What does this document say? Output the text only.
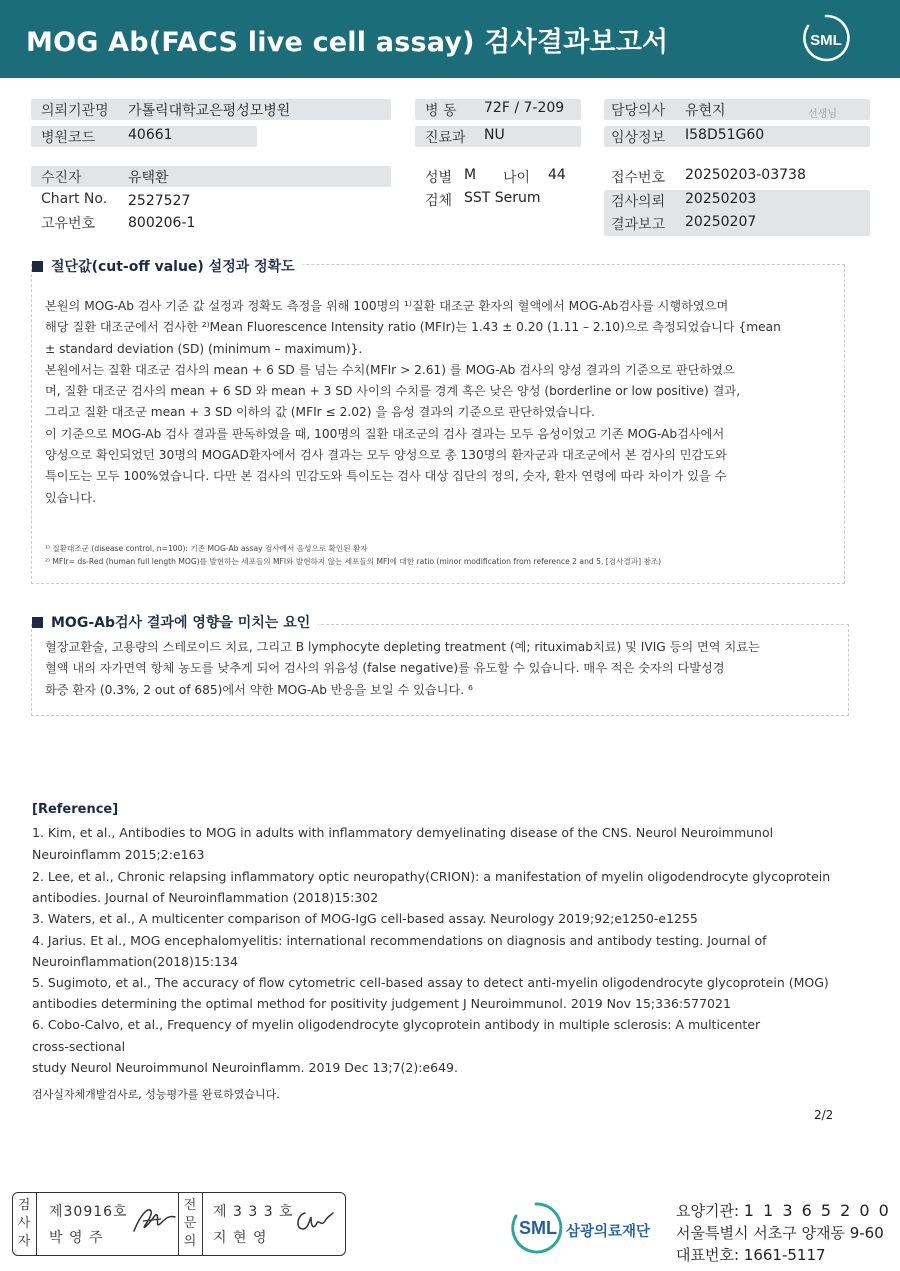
MOG Ab(FACS live cell assay) 검사결과보고서	SML
의뢰기관명 가톨릭대학교은평성모병원
병원코드 40661
수진자	유택환
Chart No. 2527527
고유번호 800206-1
병 동 72F / 7-209
진료과 NU
성별 M 나이 44
검체 SST Serum
담당의사 유현지	선생님
임상정보 I58D51G60
접수번호 20250203-03738
검사의뢰 20250203
결과보고 20250207
절단값(cut-off value) 설정과 정확도
본원의 MOG-Ab 검사 기준 값 설정과 정확도 측정을 위해 100명의 ¹⁾질환 대조군 환자의 혈액에서 MOG-Ab검사를 시행하였으며
해당 질환 대조군에서 검사한 ²⁾Mean Fluorescence Intensity ratio (MFIr)는 1.43 ± 0.20 (1.11 – 2.10)으로 측정되었습니다 {mean
± standard deviation (SD) (minimum – maximum)}.
본원에서는 질환 대조군 검사의 mean + 6 SD 를 넘는 수치(MFIr > 2.61) 를 MOG-Ab 검사의 양성 결과의 기준으로 판단하였으
며, 질환 대조군 검사의 mean + 6 SD 와 mean + 3 SD 사이의 수치를 경계 혹은 낮은 양성 (borderline or low positive) 결과,
그리고 질환 대조군 mean + 3 SD 이하의 값 (MFIr ≤ 2.02) 을 음성 결과의 기준으로 판단하였습니다.
이 기준으로 MOG-Ab 검사 결과를 판독하였을 때, 100명의 질환 대조군의 검사 결과는 모두 음성이었고 기존 MOG-Ab검사에서
양성으로 확인되었던 30명의 MOGAD환자에서 검사 결과는 모두 양성으로 총 130명의 환자군과 대조군에서 본 검사의 민감도와
특이도는 모두 100%였습니다. 다만 본 검사의 민감도와 특이도는 검사 대상 집단의 정의, 숫자, 환자 연령에 따라 차이가 있을 수
있습니다.
¹⁾ 질환대조군 (disease control, n=100): 기존 MOG-Ab assay 검사에서 음성으로 확인된 환자
²⁾ MFIr= ds-Red (human full length MOG)를 발현하는 세포들의 MFI와 발현하지 않는 세포들의 MFI에 대한 ratio (minor modification from reference 2 and 5, [검사결과] 참조)
MOG-Ab검사 결과에 영향을 미치는 요인
혈장교환술, 고용량의 스테로이드 치료, 그리고 B lymphocyte depleting treatment (예; rituximab치료) 및 IVIG 등의 면역 치료는
혈액 내의 자가면역 항체 농도를 낮추게 되어 검사의 위음성 (false negative)를 유도할 수 있습니다. 매우 적은 숫자의 다발성경
화증 환자 (0.3%, 2 out of 685)에서 약한 MOG-Ab 반응을 보일 수 있습니다. ⁶
[Reference]
1. Kim, et al., Antibodies to MOG in adults with inflammatory demyelinating disease of the CNS. Neurol Neuroimmunol
Neuroinflamm 2015;2:e163
2. Lee, et al., Chronic relapsing inflammatory optic neuropathy(CRION): a manifestation of myelin oligodendrocyte glycoprotein
antibodies. Journal of Neuroinflammation (2018)15:302
3. Waters, et al., A multicenter comparison of MOG-IgG cell-based assay. Neurology 2019;92;e1250-e1255
4. Jarius. Et al., MOG encephalomyelitis: international recommendations on diagnosis and antibody testing. Journal of
Neuroinflammation(2018)15:134
5. Sugimoto, et al., The accuracy of flow cytometric cell-based assay to detect anti-myelin oligodendrocyte glycoprotein (MOG)
antibodies determining the optimal method for positivity judgement J Neuroimmunol. 2019 Nov 15;336:577021
6. Cobo-Calvo, et al., Frequency of myelin oligodendrocyte glycoprotein antibody in multiple sclerosis: A multicenter
cross-sectional
study Neurol Neuroimmunol Neuroinflamm. 2019 Dec 13;7(2):e649.
검사실자체개발검사로, 성능평가를 완료하였습니다.
2/2
검
사
자
제30916호
박 영 주
전
문
의
제 3 3 3 호
지 현 영	SML 삼광의료재단
요양기관: 1 1 3 6 5 2 0 0
서울특별시 서초구 양재동 9-60
대표번호: 1661-5117
